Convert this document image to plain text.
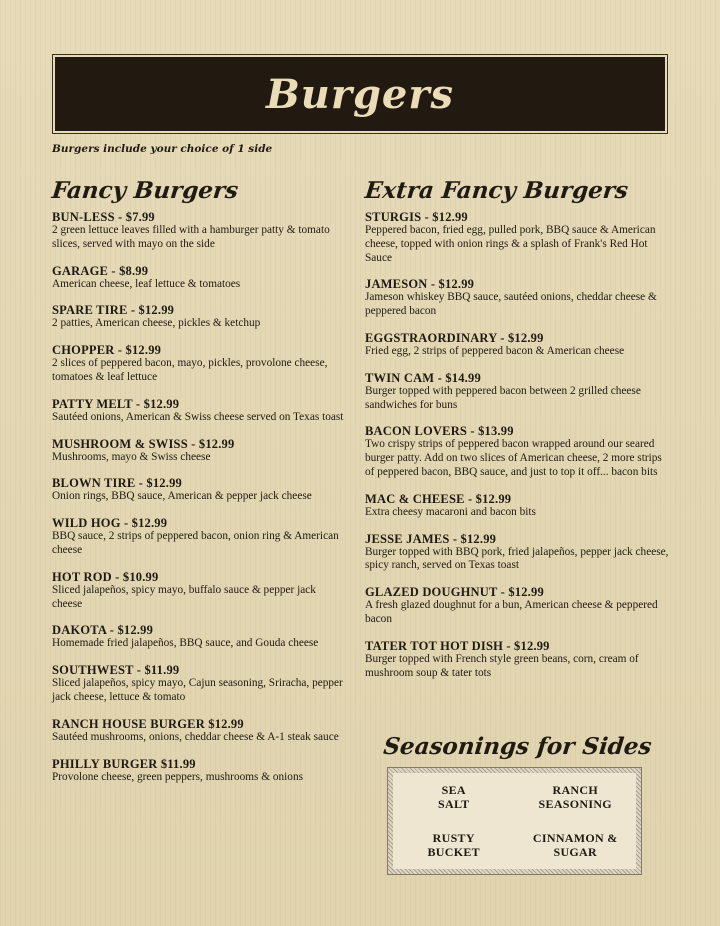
Burgers
Burgers include your choice of 1 side
Fancy Burgers
BUN-LESS - $7.99
2 green lettuce leaves filled with a hamburger patty & tomato slices, served with mayo on the side
GARAGE - $8.99
American cheese, leaf lettuce & tomatoes
SPARE TIRE - $12.99
2 patties, American cheese, pickles & ketchup
CHOPPER - $12.99
2 slices of peppered bacon, mayo, pickles, provolone cheese, tomatoes & leaf lettuce
PATTY MELT - $12.99
Sautéed onions, American & Swiss cheese served on Texas toast
MUSHROOM & SWISS - $12.99
Mushrooms, mayo & Swiss cheese
BLOWN TIRE - $12.99
Onion rings, BBQ sauce, American & pepper jack cheese
WILD HOG - $12.99
BBQ sauce, 2 strips of peppered bacon, onion ring & American cheese
HOT ROD - $10.99
Sliced jalapeños, spicy mayo, buffalo sauce & pepper jack cheese
DAKOTA - $12.99
Homemade fried jalapeños, BBQ sauce, and Gouda cheese
SOUTHWEST - $11.99
Sliced jalapeños, spicy mayo, Cajun seasoning, Sriracha, pepper jack cheese, lettuce & tomato
RANCH HOUSE BURGER $12.99
Sautéed mushrooms, onions, cheddar cheese & A-1 steak sauce
PHILLY BURGER $11.99
Provolone cheese, green peppers, mushrooms & onions
Extra Fancy Burgers
STURGIS - $12.99
Peppered bacon, fried egg, pulled pork, BBQ sauce & American cheese, topped with onion rings & a splash of Frank's Red Hot Sauce
JAMESON - $12.99
Jameson whiskey BBQ sauce, sautéed onions, cheddar cheese & peppered bacon
EGGSTRAORDINARY - $12.99
Fried egg, 2 strips of peppered bacon & American cheese
TWIN CAM - $14.99
Burger topped with peppered bacon between 2 grilled cheese sandwiches for buns
BACON LOVERS - $13.99
Two crispy strips of peppered bacon wrapped around our seared burger patty. Add on two slices of American cheese, 2 more strips of peppered bacon, BBQ sauce, and just to top it off... bacon bits
MAC & CHEESE - $12.99
Extra cheesy macaroni and bacon bits
JESSE JAMES - $12.99
Burger topped with BBQ pork, fried jalapeños, pepper jack cheese, spicy ranch, served on Texas toast
GLAZED DOUGHNUT - $12.99
A fresh glazed doughnut for a bun, American cheese & peppered bacon
TATER TOT HOT DISH - $12.99
Burger topped with French style green beans, corn, cream of mushroom soup & tater tots
Seasonings for Sides
SEA
SALT
RANCH
SEASONING
RUSTY
BUCKET
CINNAMON &
SUGAR
